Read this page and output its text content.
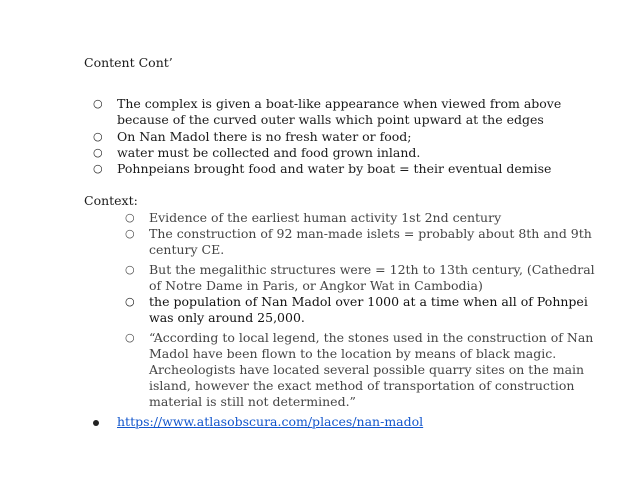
Content Cont’
○ The complex is given a boat-like appearance when viewed from above
because of the curved outer walls which point upward at the edges
○ On Nan Madol there is no fresh water or food;
○ water must be collected and food grown inland.
○ Pohnpeians brought food and water by boat = their eventual demise
Context:
○ Evidence of the earliest human activity 1st 2nd century
○ The construction of 92 man-made islets = probably about 8th and 9th
century CE.
○ But the megalithic structures were = 12th to 13th century, (Cathedral
of Notre Dame in Paris, or Angkor Wat in Cambodia)
○ the population of Nan Madol over 1000 at a time when all of Pohnpei
was only around 25,000.
○ “According to local legend, the stones used in the construction of Nan
Madol have been flown to the location by means of black magic.
Archeologists have located several possible quarry sites on the main
island, however the exact method of transportation of construction
material is still not determined.”
https://www.atlasobscura.com/places/nan-madol
